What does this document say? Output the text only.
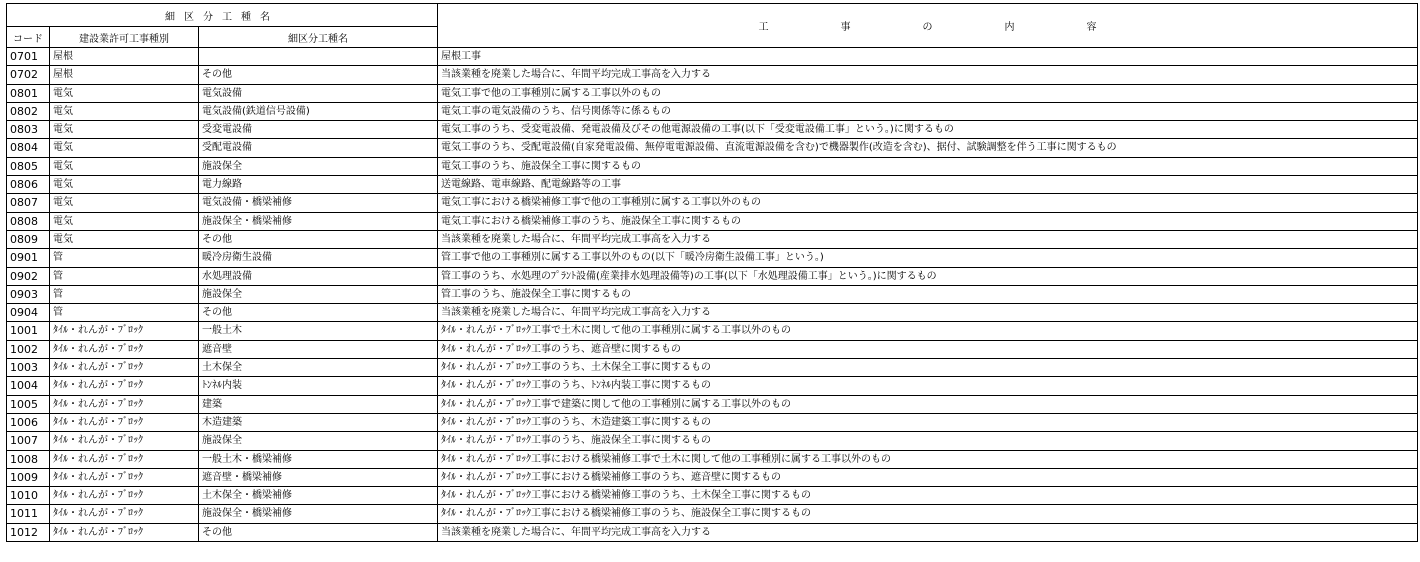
細区分工種名			工 事 の 内 容
コード	建設業許可工事種別	細区分工種名	
0701	屋根		屋根工事
0702	屋根	その他	当該業種を廃業した場合に、年間平均完成工事高を入力する
0801	電気	電気設備	電気工事で他の工事種別に属する工事以外のもの
0802	電気	電気設備(鉄道信号設備)	電気工事の電気設備のうち、信号関係等に係るもの
0803	電気	受変電設備	電気工事のうち、受変電設備、発電設備及びその他電源設備の工事(以下「受変電設備工事」という。)に関するもの
0804	電気	受配電設備	電気工事のうち、受配電設備(自家発電設備、無停電電源設備、直流電源設備を含む)で機器製作(改造を含む)、据付、試験調整を伴う工事に関するもの
0805	電気	施設保全	電気工事のうち、施設保全工事に関するもの
0806	電気	電力線路	送電線路、電車線路、配電線路等の工事
0807	電気	電気設備・橋梁補修	電気工事における橋梁補修工事で他の工事種別に属する工事以外のもの
0808	電気	施設保全・橋梁補修	電気工事における橋梁補修工事のうち、施設保全工事に関するもの
0809	電気	その他	当該業種を廃業した場合に、年間平均完成工事高を入力する
0901	管	暖冷房衛生設備	管工事で他の工事種別に属する工事以外のもの(以下「暖冷房衛生設備工事」という。)
0902	管	水処理設備	管工事のうち、水処理のﾌﾟﾗﾝﾄ設備(産業排水処理設備等)の工事(以下「水処理設備工事」という。)に関するもの
0903	管	施設保全	管工事のうち、施設保全工事に関するもの
0904	管	その他	当該業種を廃業した場合に、年間平均完成工事高を入力する
1001	ﾀｲﾙ・れんが・ﾌﾞﾛｯｸ	一般土木	ﾀｲﾙ・れんが・ﾌﾞﾛｯｸ工事で土木に関して他の工事種別に属する工事以外のもの
1002	ﾀｲﾙ・れんが・ﾌﾞﾛｯｸ	遮音壁	ﾀｲﾙ・れんが・ﾌﾞﾛｯｸ工事のうち、遮音壁に関するもの
1003	ﾀｲﾙ・れんが・ﾌﾞﾛｯｸ	土木保全	ﾀｲﾙ・れんが・ﾌﾞﾛｯｸ工事のうち、土木保全工事に関するもの
1004	ﾀｲﾙ・れんが・ﾌﾞﾛｯｸ	ﾄﾝﾈﾙ内装	ﾀｲﾙ・れんが・ﾌﾞﾛｯｸ工事のうち、ﾄﾝﾈﾙ内装工事に関するもの
1005	ﾀｲﾙ・れんが・ﾌﾞﾛｯｸ	建築	ﾀｲﾙ・れんが・ﾌﾞﾛｯｸ工事で建築に関して他の工事種別に属する工事以外のもの
1006	ﾀｲﾙ・れんが・ﾌﾞﾛｯｸ	木造建築	ﾀｲﾙ・れんが・ﾌﾞﾛｯｸ工事のうち、木造建築工事に関するもの
1007	ﾀｲﾙ・れんが・ﾌﾞﾛｯｸ	施設保全	ﾀｲﾙ・れんが・ﾌﾞﾛｯｸ工事のうち、施設保全工事に関するもの
1008	ﾀｲﾙ・れんが・ﾌﾞﾛｯｸ	一般土木・橋梁補修	ﾀｲﾙ・れんが・ﾌﾞﾛｯｸ工事における橋梁補修工事で土木に関して他の工事種別に属する工事以外のもの
1009	ﾀｲﾙ・れんが・ﾌﾞﾛｯｸ	遮音壁・橋梁補修	ﾀｲﾙ・れんが・ﾌﾞﾛｯｸ工事における橋梁補修工事のうち、遮音壁に関するもの
1010	ﾀｲﾙ・れんが・ﾌﾞﾛｯｸ	土木保全・橋梁補修	ﾀｲﾙ・れんが・ﾌﾞﾛｯｸ工事における橋梁補修工事のうち、土木保全工事に関するもの
1011	ﾀｲﾙ・れんが・ﾌﾞﾛｯｸ	施設保全・橋梁補修	ﾀｲﾙ・れんが・ﾌﾞﾛｯｸ工事における橋梁補修工事のうち、施設保全工事に関するもの
1012	ﾀｲﾙ・れんが・ﾌﾞﾛｯｸ	その他	当該業種を廃業した場合に、年間平均完成工事高を入力する
